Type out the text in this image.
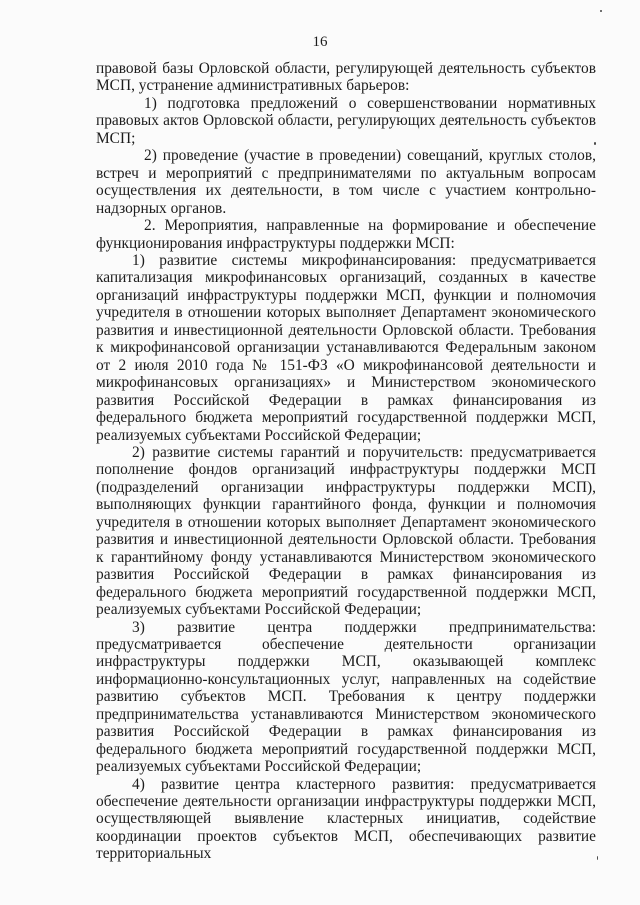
16

правовой базы Орловской области, регулирующей деятельность субъектов МСП, устранение административных барьеров:

1) подготовка предложений о совершенствовании нормативных правовых актов Орловской области, регулирующих деятельность субъектов МСП;

2) проведение (участие в проведении) совещаний, круглых столов, встреч и мероприятий с предпринимателями по актуальным вопросам осуществления их деятельности, в том числе с участием контрольно-надзорных органов.

2. Мероприятия, направленные на формирование и обеспечение функционирования инфраструктуры поддержки МСП:

1) развитие системы микрофинансирования: предусматривается капитализация микрофинансовых организаций, созданных в качестве организаций инфраструктуры поддержки МСП, функции и полномочия учредителя в отношении которых выполняет Департамент экономического развития и инвестиционной деятельности Орловской области. Требования к микрофинансовой организации устанавливаются Федеральным законом от 2 июля 2010 года № 151-ФЗ «О микрофинансовой деятельности и микрофинансовых организациях» и Министерством экономического развития Российской Федерации в рамках финансирования из федерального бюджета мероприятий государственной поддержки МСП, реализуемых субъектами Российской Федерации;

2) развитие системы гарантий и поручительств: предусматривается пополнение фондов организаций инфраструктуры поддержки МСП (подразделений организации инфраструктуры поддержки МСП), выполняющих функции гарантийного фонда, функции и полномочия учредителя в отношении которых выполняет Департамент экономического развития и инвестиционной деятельности Орловской области. Требования к гарантийному фонду устанавливаются Министерством экономического развития Российской Федерации в рамках финансирования из федерального бюджета мероприятий государственной поддержки МСП, реализуемых субъектами Российской Федерации;

3) развитие центра поддержки предпринимательства: предусматривается обеспечение деятельности организации инфраструктуры поддержки МСП, оказывающей комплекс информационно-консультационных услуг, направленных на содействие развитию субъектов МСП. Требования к центру поддержки предпринимательства устанавливаются Министерством экономического развития Российской Федерации в рамках финансирования из федерального бюджета мероприятий государственной поддержки МСП, реализуемых субъектами Российской Федерации;

4) развитие центра кластерного развития: предусматривается обеспечение деятельности организации инфраструктуры поддержки МСП, осуществляющей выявление кластерных инициатив, содействие координации проектов субъектов МСП, обеспечивающих развитие территориальных
